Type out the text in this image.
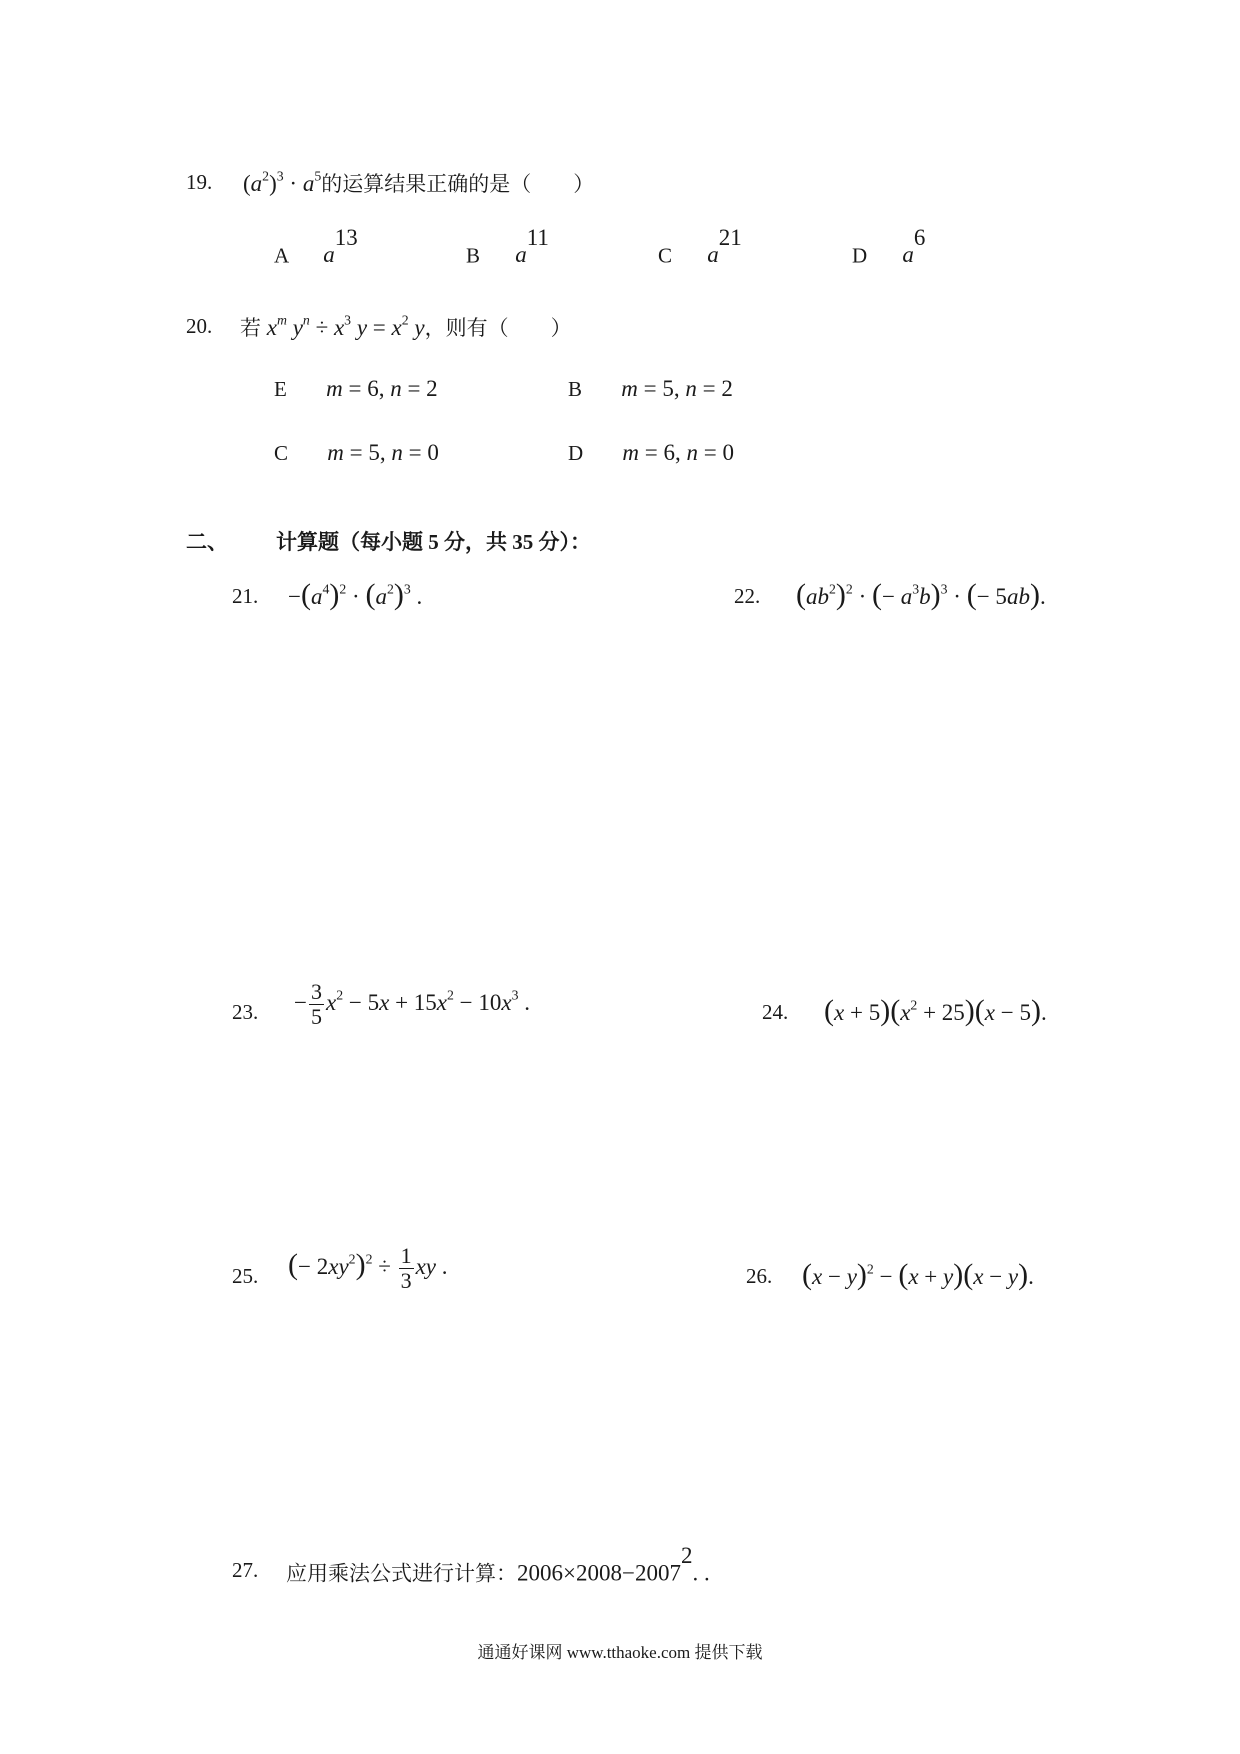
19. $(a^2)^3 \cdot a^5$的运算结果正确的是（　　）
A $a^{13}$
B $a^{11}$
C $a^{21}$
D $a^6$
20. 若 $x^m$ $y^n \div x^3$ $y = x^2$ y，则有（　　）
E m = 6, n = 2	B m = 5, n = 2
C m = 5, n = 0	D m = 6, n = 0
二、 计算题（每小题 5 分，共 35 分）：
21. $-(a^4)^2 \cdot (a^2)^3$ .	22. $(ab^2)^2$ · (− $a^3b)^3$ · (− 5ab).
23. − $\frac{3}{5} x^2 - 5x + 15x^2 - 10x^3$ .	24. $(x + 5)(x^2 + 25)(x - 5)$.
25. (− $2xy^2)^2 \div \frac{1}{3}$ xy .	26. $(x - y)^2 - (x + y)(x - y)$.
27. 应用乘法公式进行计算：$2006\times 2008-2007^2$. .
通通好课网 www.tthaoke.com 提供下载
